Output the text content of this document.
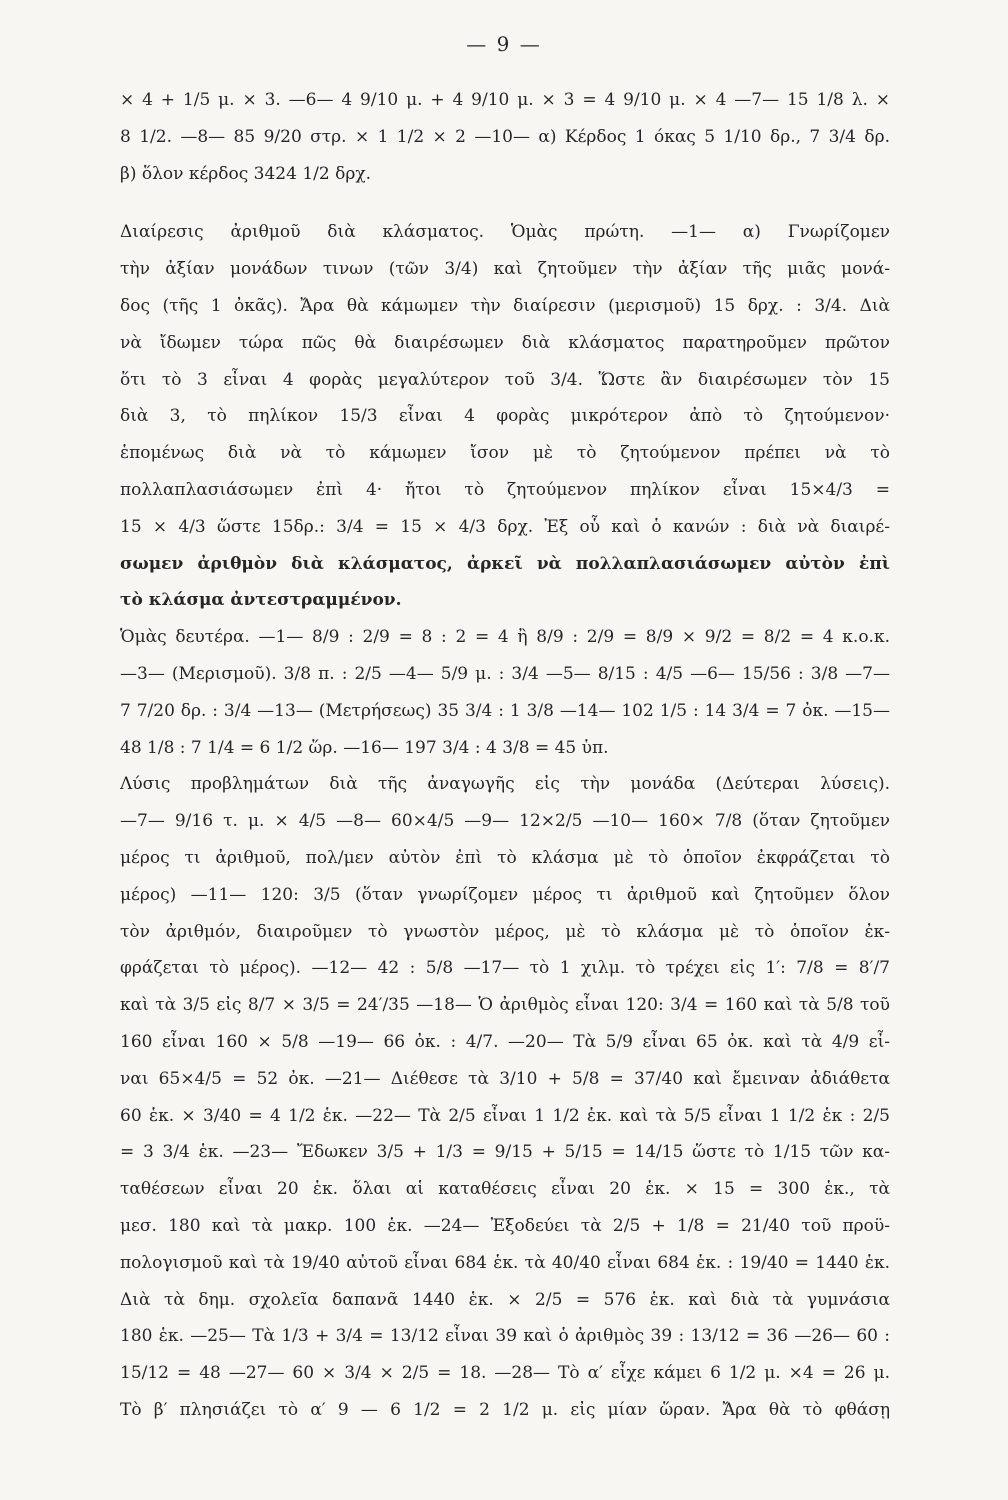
— 9 —
× 4 + 1/5 μ. × 3. —6— 4 9/10 μ. + 4 9/10 μ. × 3 = 4 9/10 μ. × 4 —7— 15 1/8 λ. ×
8 1/2. —8— 85 9/20 στρ. × 1 1/2 × 2 —10— α) Κέρδος 1 όκας 5 1/10 δρ., 7 3/4 δρ.
β) ὅλον κέρδος 3424 1/2 δρχ.
Διαίρεσις ἀριθμοῦ διὰ κλάσματος. Ὁμὰς πρώτη. —1— α) Γνωρίζομεν
τὴν ἀξίαν μονάδων τινων (τῶν 3/4) καὶ ζητοῦμεν τὴν ἀξίαν τῆς μιᾶς μονά-
δος (τῆς 1 ὀκᾶς). Ἄρα θὰ κάμωμεν τὴν διαίρεσιν (μερισμοῦ) 15 δρχ. : 3/4. Διὰ
νὰ ἴδωμεν τώρα πῶς θὰ διαιρέσωμεν διὰ κλάσματος παρατηροῦμεν πρῶτον
ὅτι τὸ 3 εἶναι 4 φορὰς μεγαλύτερον τοῦ 3/4. Ὥστε ἂν διαιρέσωμεν τὸν 15
διὰ 3, τὸ πηλίκον 15/3 εἶναι 4 φορὰς μικρότερον ἀπὸ τὸ ζητούμενον·
ἑπομένως διὰ νὰ τὸ κάμωμεν ἴσον μὲ τὸ ζητούμενον πρέπει νὰ τὸ
πολλαπλασιάσωμεν ἐπὶ 4· ἤτοι τὸ ζητούμενον πηλίκον εἶναι 15×4/3 =
15 × 4/3 ὥστε 15δρ.: 3/4 = 15 × 4/3 δρχ. Ἐξ οὗ καὶ ὁ κανών : διὰ νὰ διαιρέ-
σωμεν ἀριθμὸν διὰ κλάσματος, ἀρκεῖ νὰ πολλαπλασιάσωμεν αὐτὸν ἐπὶ
τὸ κλάσμα ἀντεστραμμένον.
Ὁμὰς δευτέρα. —1— 8/9 : 2/9 = 8 : 2 = 4 ἢ 8/9 : 2/9 = 8/9 × 9/2 = 8/2 = 4 κ.ο.κ.
—3— (Μερισμοῦ). 3/8 π. : 2/5 —4— 5/9 μ. : 3/4 —5— 8/15 : 4/5 —6— 15/56 : 3/8 —7—
7 7/20 δρ. : 3/4 —13— (Μετρήσεως) 35 3/4 : 1 3/8 —14— 102 1/5 : 14 3/4 = 7 ὀκ. —15—
48 1/8 : 7 1/4 = 6 1/2 ὥρ. —16— 197 3/4 : 4 3/8 = 45 ὑπ.
Λύσις προβλημάτων διὰ τῆς ἀναγωγῆς εἰς τὴν μονάδα (Δεύτεραι λύσεις).
—7— 9/16 τ. μ. × 4/5 —8— 60×4/5 —9— 12×2/5 —10— 160× 7/8 (ὅταν ζητοῦμεν
μέρος τι ἀριθμοῦ, πολ/μεν αὐτὸν ἐπὶ τὸ κλάσμα μὲ τὸ ὁποῖον ἐκφράζεται τὸ
μέρος) —11— 120: 3/5 (ὅταν γνωρίζομεν μέρος τι ἀριθμοῦ καὶ ζητοῦμεν ὅλον
τὸν ἀριθμόν, διαιροῦμεν τὸ γνωστὸν μέρος, μὲ τὸ κλάσμα μὲ τὸ ὁποῖον ἐκ-
φράζεται τὸ μέρος). —12— 42 : 5/8 —17— τὸ 1 χιλμ. τὸ τρέχει εἰς 1′: 7/8 = 8′/7
καὶ τὰ 3/5 εἰς 8/7 × 3/5 = 24′/35 —18— Ὁ ἀριθμὸς εἶναι 120: 3/4 = 160 καὶ τὰ 5/8 τοῦ
160 εἶναι 160 × 5/8 —19— 66 ὀκ. : 4/7. —20— Τὰ 5/9 εἶναι 65 ὀκ. καὶ τὰ 4/9 εἶ-
ναι 65×4/5 = 52 ὀκ. —21— Διέθεσε τὰ 3/10 + 5/8 = 37/40 καὶ ἔμειναν ἀδιάθετα
60 ἑκ. × 3/40 = 4 1/2 ἑκ. —22— Τὰ 2/5 εἶναι 1 1/2 ἑκ. καὶ τὰ 5/5 εἶναι 1 1/2 ἑκ : 2/5
= 3 3/4 ἑκ. —23— Ἔδωκεν 3/5 + 1/3 = 9/15 + 5/15 = 14/15 ὥστε τὸ 1/15 τῶν κα-
ταθέσεων εἶναι 20 ἑκ. ὅλαι αἱ καταθέσεις εἶναι 20 ἑκ. × 15 = 300 ἑκ., τὰ
μεσ. 180 καὶ τὰ μακρ. 100 ἑκ. —24— Ἐξοδεύει τὰ 2/5 + 1/8 = 21/40 τοῦ προϋ-
πολογισμοῦ καὶ τὰ 19/40 αὐτοῦ εἶναι 684 ἑκ. τὰ 40/40 εἶναι 684 ἑκ. : 19/40 = 1440 ἑκ.
Διὰ τὰ δημ. σχολεῖα δαπανᾶ 1440 ἑκ. × 2/5 = 576 ἑκ. καὶ διὰ τὰ γυμνάσια
180 ἑκ. —25— Τὰ 1/3 + 3/4 = 13/12 εἶναι 39 καὶ ὁ ἀριθμὸς 39 : 13/12 = 36 —26— 60 :
15/12 = 48 —27— 60 × 3/4 × 2/5 = 18. —28— Τὸ α′ εἶχε κάμει 6 1/2 μ. ×4 = 26 μ.
Τὸ β′ πλησιάζει τὸ α′ 9 — 6 1/2 = 2 1/2 μ. εἰς μίαν ὥραν. Ἄρα θὰ τὸ φθάσῃ
